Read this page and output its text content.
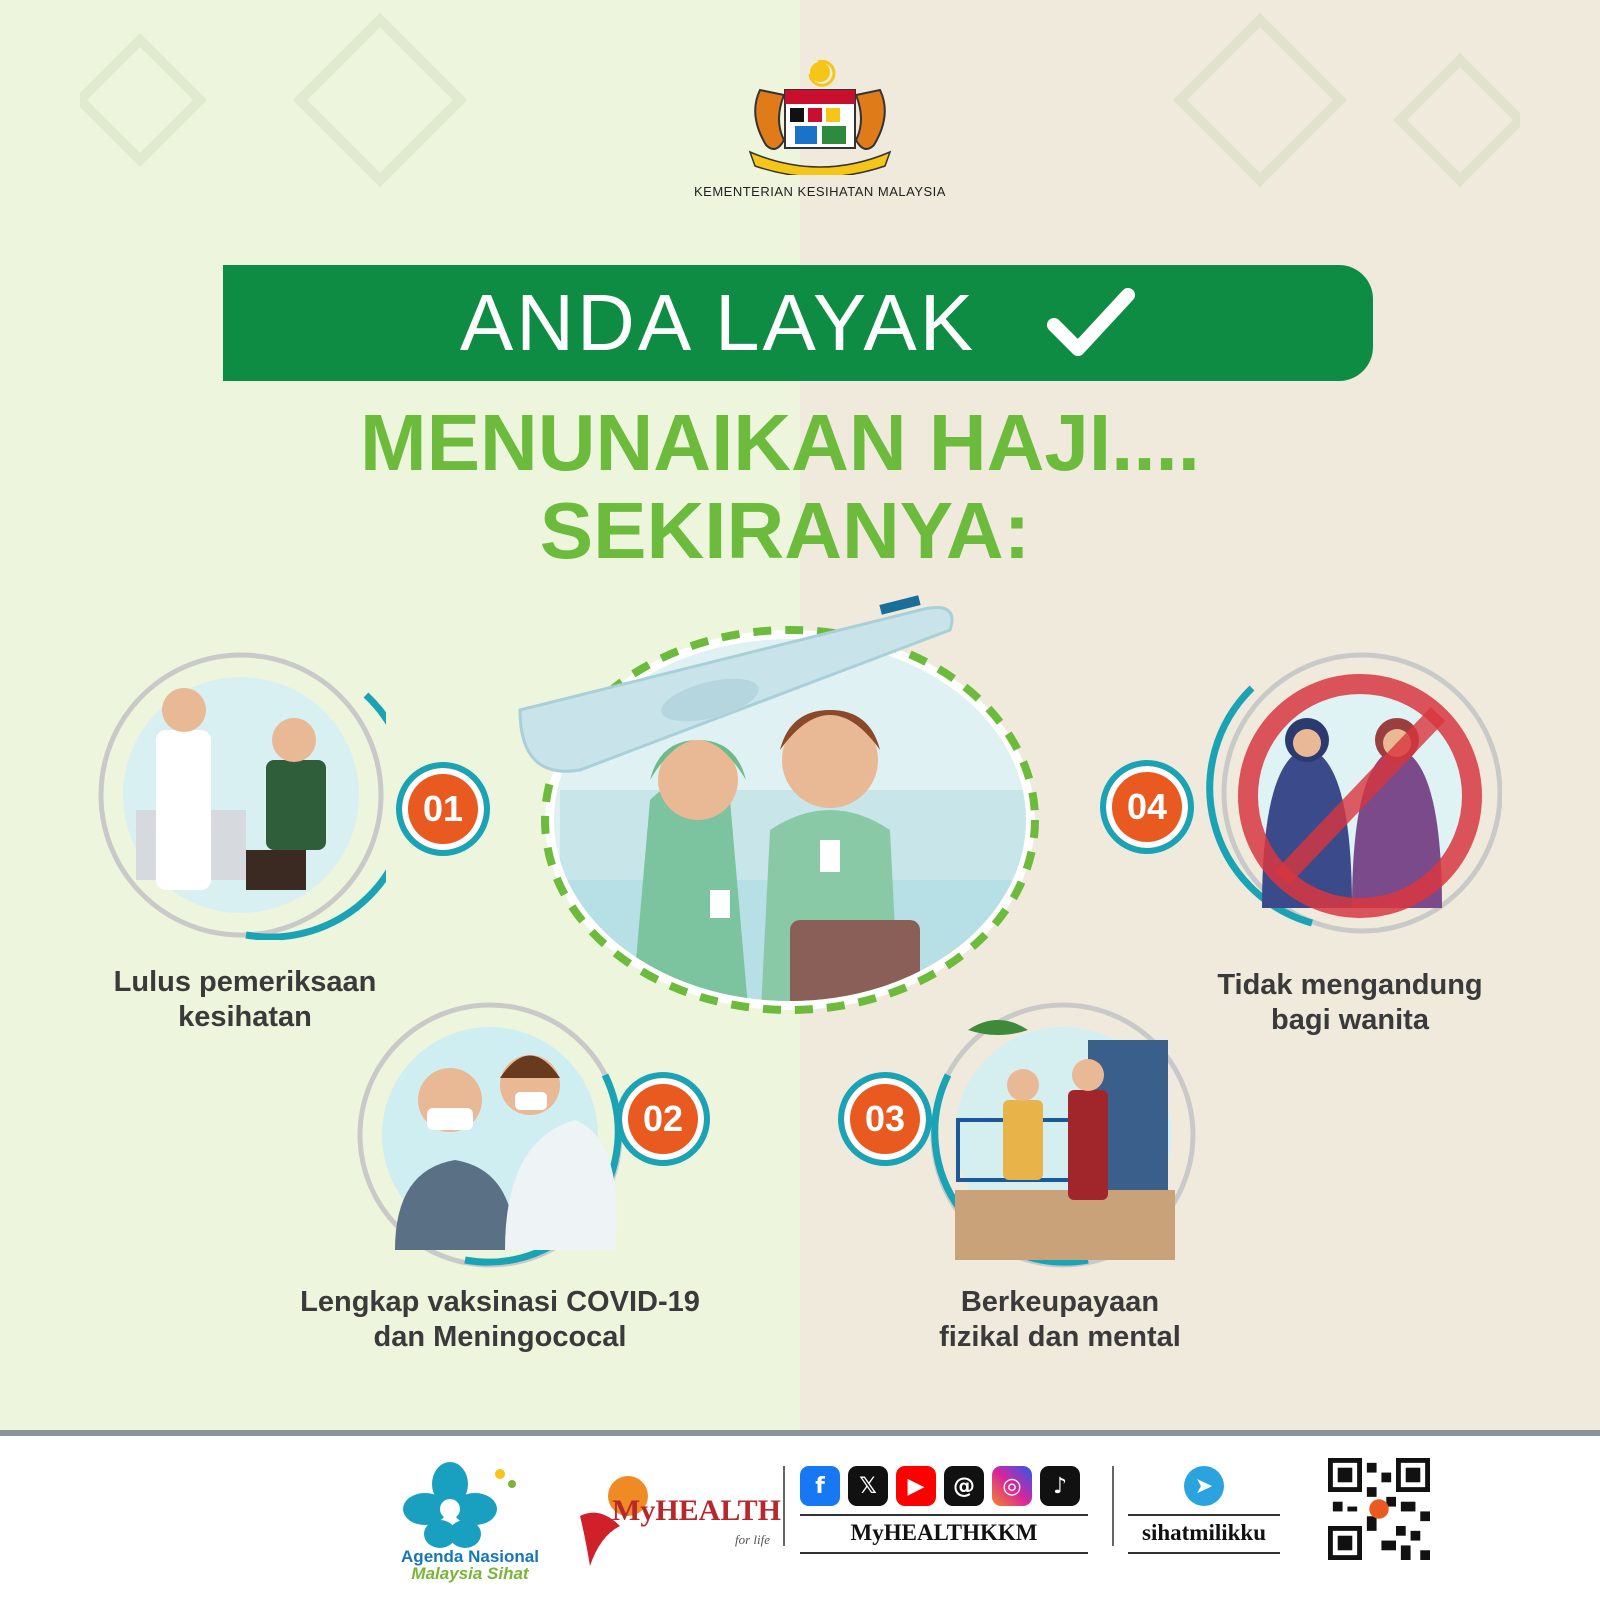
KEMENTERIAN KESIHATAN MALAYSIA
ANDA LAYAK
MENUNAIKAN HAJI....
SEKIRANYA:
01
Lulus pemeriksaan
kesihatan
02
Lengkap vaksinasi COVID-19
dan Meningococal
03
Berkeupayaan
fizikal dan mental
04
Tidak mengandung
bagi wanita
Agenda Nasional
Malaysia Sihat
MyHEALTH
for life
f	𝕏	▶	@	◎	♪
MyHEALTHKKM
➤
sihatmilikku
